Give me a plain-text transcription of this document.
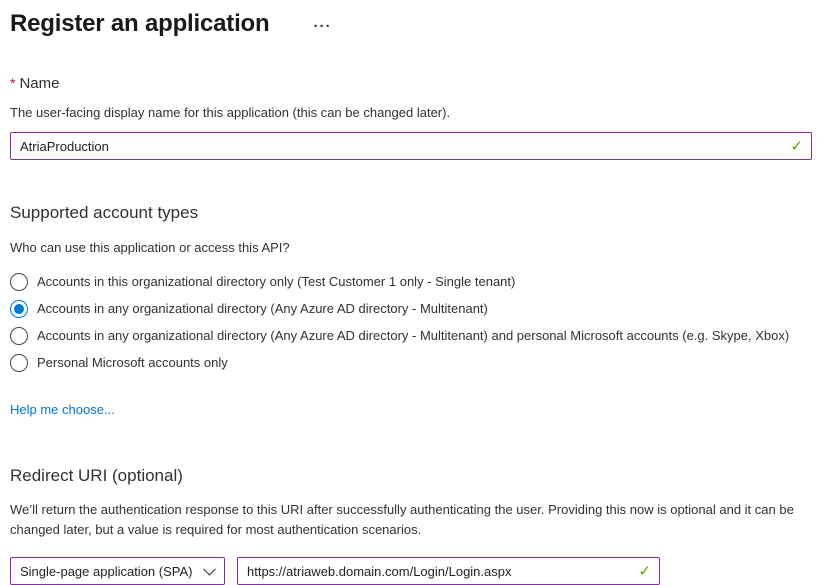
Register an application	···
* Name
The user-facing display name for this application (this can be changed later).
AtriaProduction
✓
Supported account types
Who can use this application or access this API?
Accounts in this organizational directory only (Test Customer 1 only - Single tenant)
Accounts in any organizational directory (Any Azure AD directory - Multitenant)
Accounts in any organizational directory (Any Azure AD directory - Multitenant) and personal Microsoft accounts (e.g. Skype, Xbox)
Personal Microsoft accounts only
Help me choose...
Redirect URI (optional)
We’ll return the authentication response to this URI after successfully authenticating the user. Providing this now is optional and it can be changed later, but a value is required for most authentication scenarios.
Single-page application (SPA)
https://atriaweb.domain.com/Login/Login.aspx	✓
